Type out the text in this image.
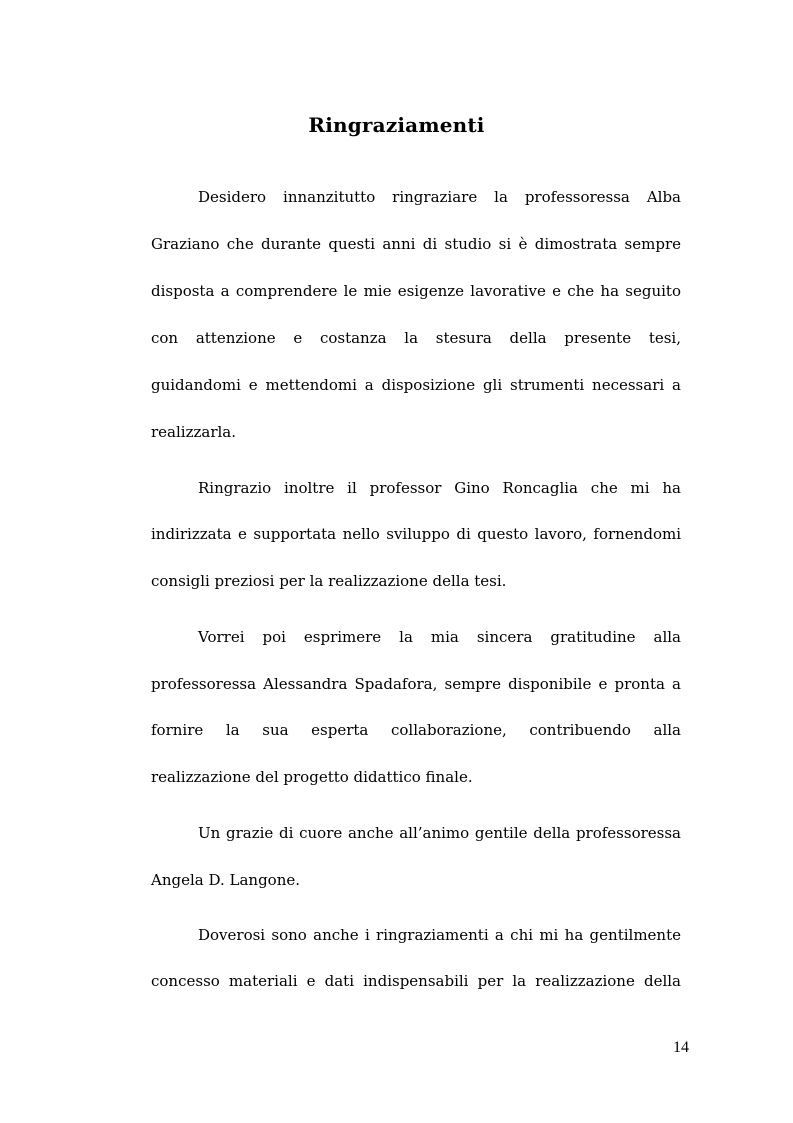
Ringraziamenti

Desidero innanzitutto ringraziare la professoressa Alba

Graziano che durante questi anni di studio si è dimostrata sempre

disposta a comprendere le mie esigenze lavorative e che ha seguito

con attenzione e costanza la stesura della presente tesi,

guidandomi e mettendomi a disposizione gli strumenti necessari a

realizzarla.

Ringrazio inoltre il professor Gino Roncaglia che mi ha

indirizzata e supportata nello sviluppo di questo lavoro, fornendomi

consigli preziosi per la realizzazione della tesi.

Vorrei poi esprimere la mia sincera gratitudine alla

professoressa Alessandra Spadafora, sempre disponibile e pronta a

fornire la sua esperta collaborazione, contribuendo alla

realizzazione del progetto didattico finale.

Un grazie di cuore anche all’animo gentile della professoressa

Angela D. Langone.

Doverosi sono anche i ringraziamenti a chi mi ha gentilmente

concesso materiali e dati indispensabili per la realizzazione della

14
